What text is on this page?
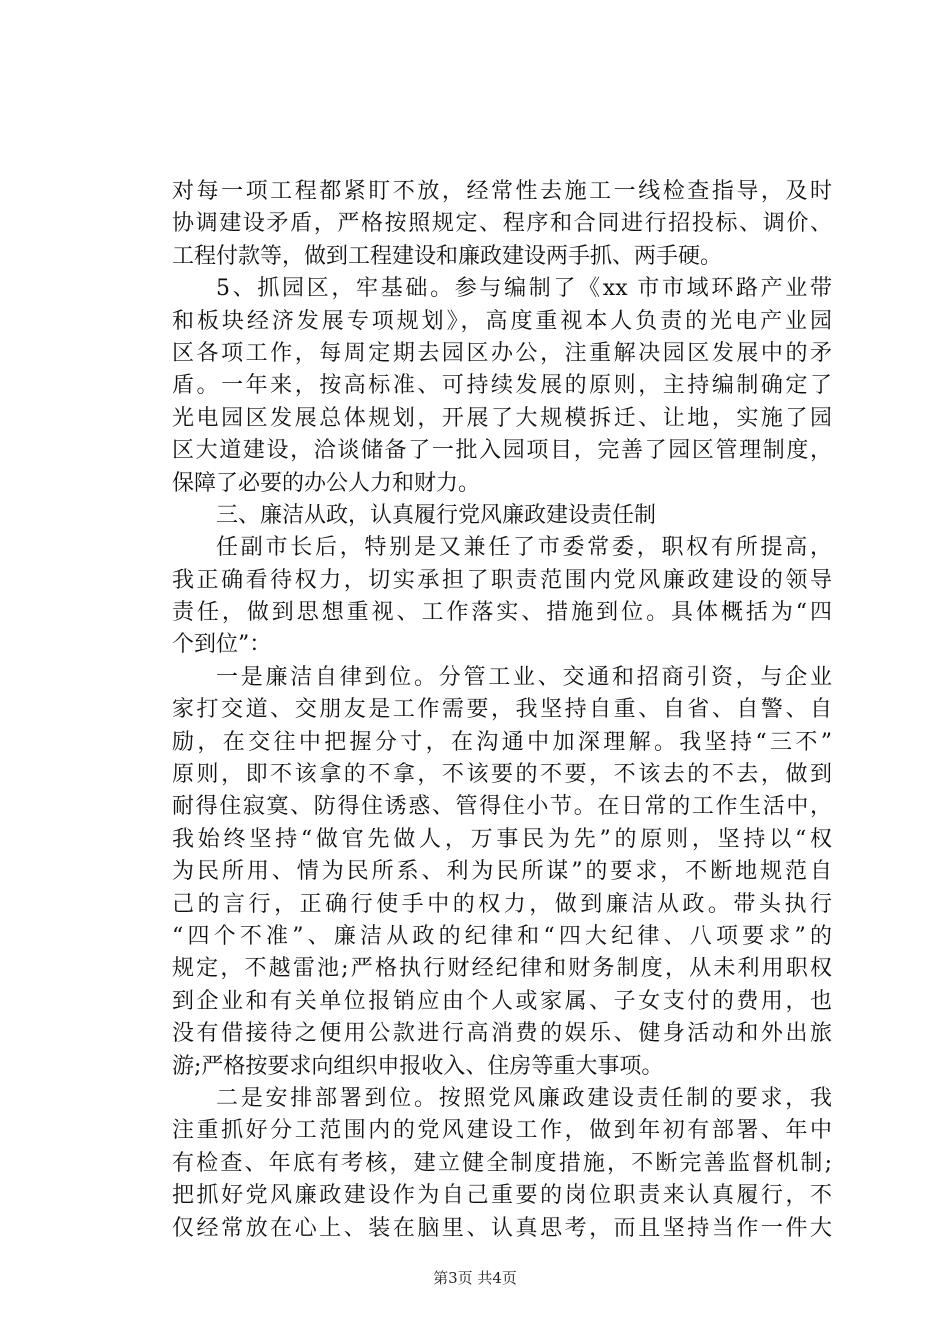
对每一项工程都紧盯不放，经常性去施工一线检查指导，及时
协调建设矛盾，严格按照规定、程序和合同进行招投标、调价、
工程付款等，做到工程建设和廉政建设两手抓、两手硬。
5、抓园区，牢基础。参与编制了《xx 市市域环路产业带
和板块经济发展专项规划》，高度重视本人负责的光电产业园
区各项工作，每周定期去园区办公，注重解决园区发展中的矛
盾。一年来，按高标准、可持续发展的原则，主持编制确定了
光电园区发展总体规划，开展了大规模拆迁、让地，实施了园
区大道建设，洽谈储备了一批入园项目，完善了园区管理制度，
保障了必要的办公人力和财力。
三、廉洁从政，认真履行党风廉政建设责任制
任副市长后，特别是又兼任了市委常委，职权有所提高，
我正确看待权力，切实承担了职责范围内党风廉政建设的领导
责任，做到思想重视、工作落实、措施到位。具体概括为“四
个到位”：
一是廉洁自律到位。分管工业、交通和招商引资，与企业
家打交道、交朋友是工作需要，我坚持自重、自省、自警、自
励，在交往中把握分寸，在沟通中加深理解。我坚持“三不”
原则，即不该拿的不拿，不该要的不要，不该去的不去，做到
耐得住寂寞、防得住诱惑、管得住小节。在日常的工作生活中，
我始终坚持“做官先做人，万事民为先”的原则，坚持以“权
为民所用、情为民所系、利为民所谋”的要求，不断地规范自
己的言行，正确行使手中的权力，做到廉洁从政。带头执行
“四个不准”、廉洁从政的纪律和“四大纪律、八项要求”的
规定，不越雷池;严格执行财经纪律和财务制度，从未利用职权
到企业和有关单位报销应由个人或家属、子女支付的费用，也
没有借接待之便用公款进行高消费的娱乐、健身活动和外出旅
游;严格按要求向组织申报收入、住房等重大事项。
二是安排部署到位。按照党风廉政建设责任制的要求，我
注重抓好分工范围内的党风建设工作，做到年初有部署、年中
有检查、年底有考核，建立健全制度措施，不断完善监督机制;
把抓好党风廉政建设作为自己重要的岗位职责来认真履行，不
仅经常放在心上、装在脑里、认真思考，而且坚持当作一件大
第3页 共4页
